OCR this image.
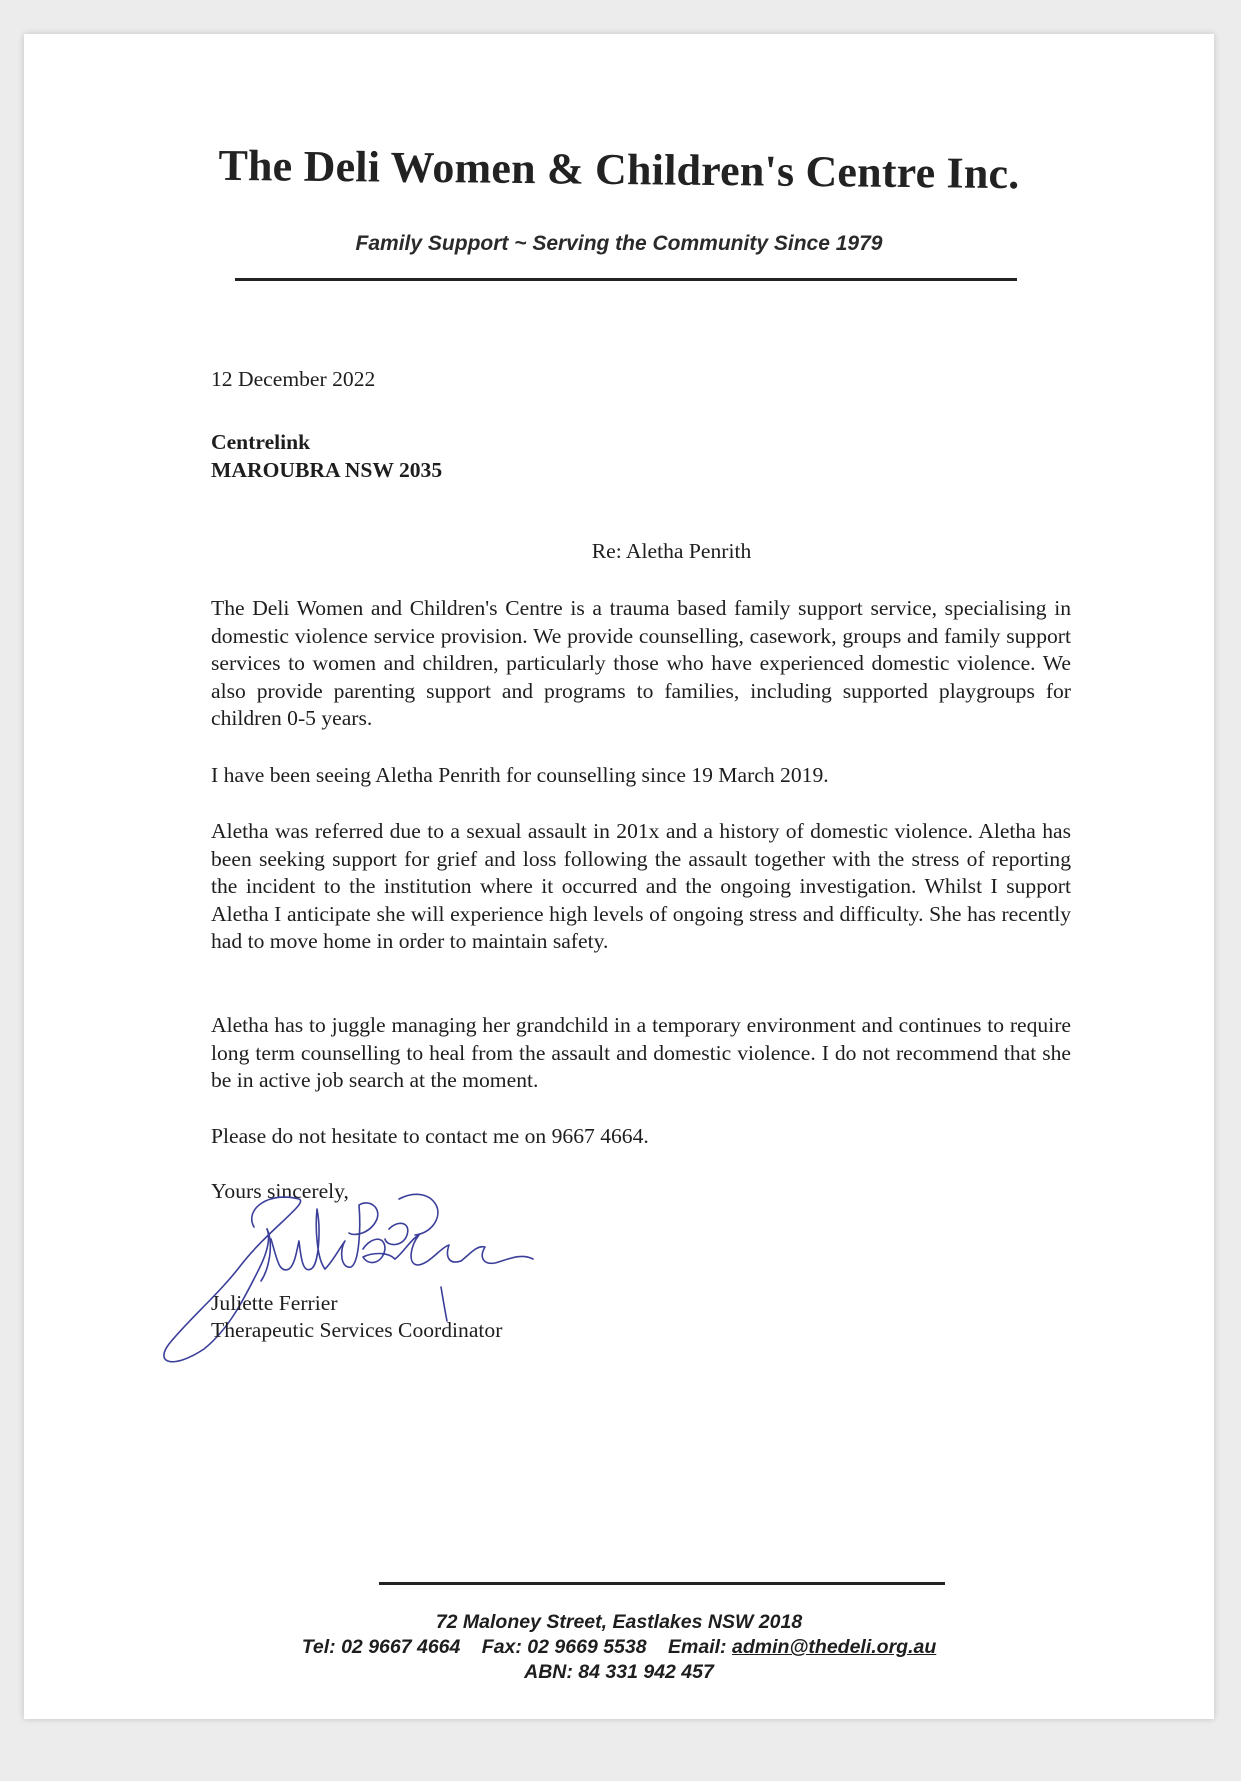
The Deli Women & Children's Centre Inc.
Family Support ~ Serving the Community Since 1979
12 December 2022
Centrelink
MAROUBRA NSW 2035
Re: Aletha Penrith
The Deli Women and Children's Centre is a trauma based family support service, specialising in domestic violence service provision. We provide counselling, casework, groups and family support services to women and children, particularly those who have experienced domestic violence. We also provide parenting support and programs to families, including supported playgroups for children 0-5 years.
I have been seeing Aletha Penrith for counselling since 19 March 2019.
Aletha was referred due to a sexual assault in 201x and a history of domestic violence. Aletha has been seeking support for grief and loss following the assault together with the stress of reporting the incident to the institution where it occurred and the ongoing investigation. Whilst I support Aletha I anticipate she will experience high levels of ongoing stress and difficulty. She has recently had to move home in order to maintain safety.
Aletha has to juggle managing her grandchild in a temporary environment and continues to require long term counselling to heal from the assault and domestic violence. I do not recommend that she be in active job search at the moment.
Please do not hesitate to contact me on 9667 4664.
Yours sincerely,
Juliette Ferrier
Therapeutic Services Coordinator
72 Maloney Street, Eastlakes NSW 2018
Tel: 02 9667 4664 Fax: 02 9669 5538 Email: admin@thedeli.org.au
ABN: 84 331 942 457
